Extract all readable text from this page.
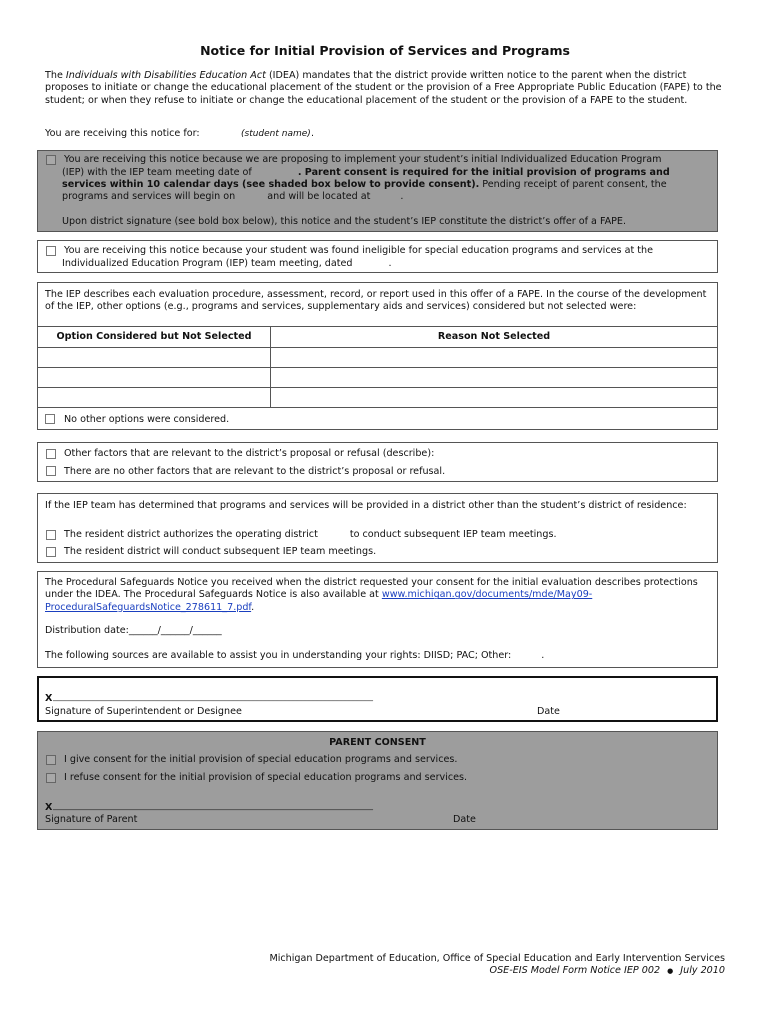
Notice for Initial Provision of Services and Programs
The Individuals with Disabilities Education Act (IDEA) mandates that the district provide written notice to the parent when the district proposes to initiate or change the educational placement of the student or the provision of a Free Appropriate Public Education (FAPE) to the student; or when they refuse to initiate or change the educational placement of the student or the provision of a FAPE to the student.
You are receiving this notice for:	(student name) .
You are receiving this notice because we are proposing to implement your student’s initial Individualized Education Program
(IEP) with the IEP team meeting date of	. Parent consent is required for the initial provision of programs and
services within 10 calendar days (see shaded box below to provide consent). Pending receipt of parent consent, the
programs and services will begin on	and will be located at	.
Upon district signature (see bold box below), this notice and the student’s IEP constitute the district’s offer of a FAPE.
You are receiving this notice because your student was found ineligible for special education programs and services at the
Individualized Education Program (IEP) team meeting, dated	.
The IEP describes each evaluation procedure, assessment, record, or report used in this offer of a FAPE. In the course of the development of the IEP, other options (e.g., programs and services, supplementary aids and services) considered but not selected were:
Option Considered but Not Selected	Reason Not Selected

No other options were considered.
Other factors that are relevant to the district’s proposal or refusal (describe):
There are no other factors that are relevant to the district’s proposal or refusal.
If the IEP team has determined that programs and services will be provided in a district other than the student’s district of residence:
The resident district authorizes the operating district	to conduct subsequent IEP team meetings.
The resident district will conduct subsequent IEP team meetings.
The Procedural Safeguards Notice you received when the district requested your consent for the initial evaluation describes protections under the IDEA. The Procedural Safeguards Notice is also available at www.michigan.gov/documents/mde/May09-ProceduralSafeguardsNotice_278611_7.pdf.
Distribution date:______/______/______
The following sources are available to assist you in understanding your rights: DIISD; PAC; Other:	.
X ________________________________________________________________________________
Signature of Superintendent or Designee	Date
PARENT CONSENT
I give consent for the initial provision of special education programs and services.
I refuse consent for the initial provision of special education programs and services.
X ________________________________________________________________________________
Signature of Parent	Date
Michigan Department of Education, Office of Special Education and Early Intervention Services
OSE-EIS Model Form Notice IEP 002 ● July 2010
